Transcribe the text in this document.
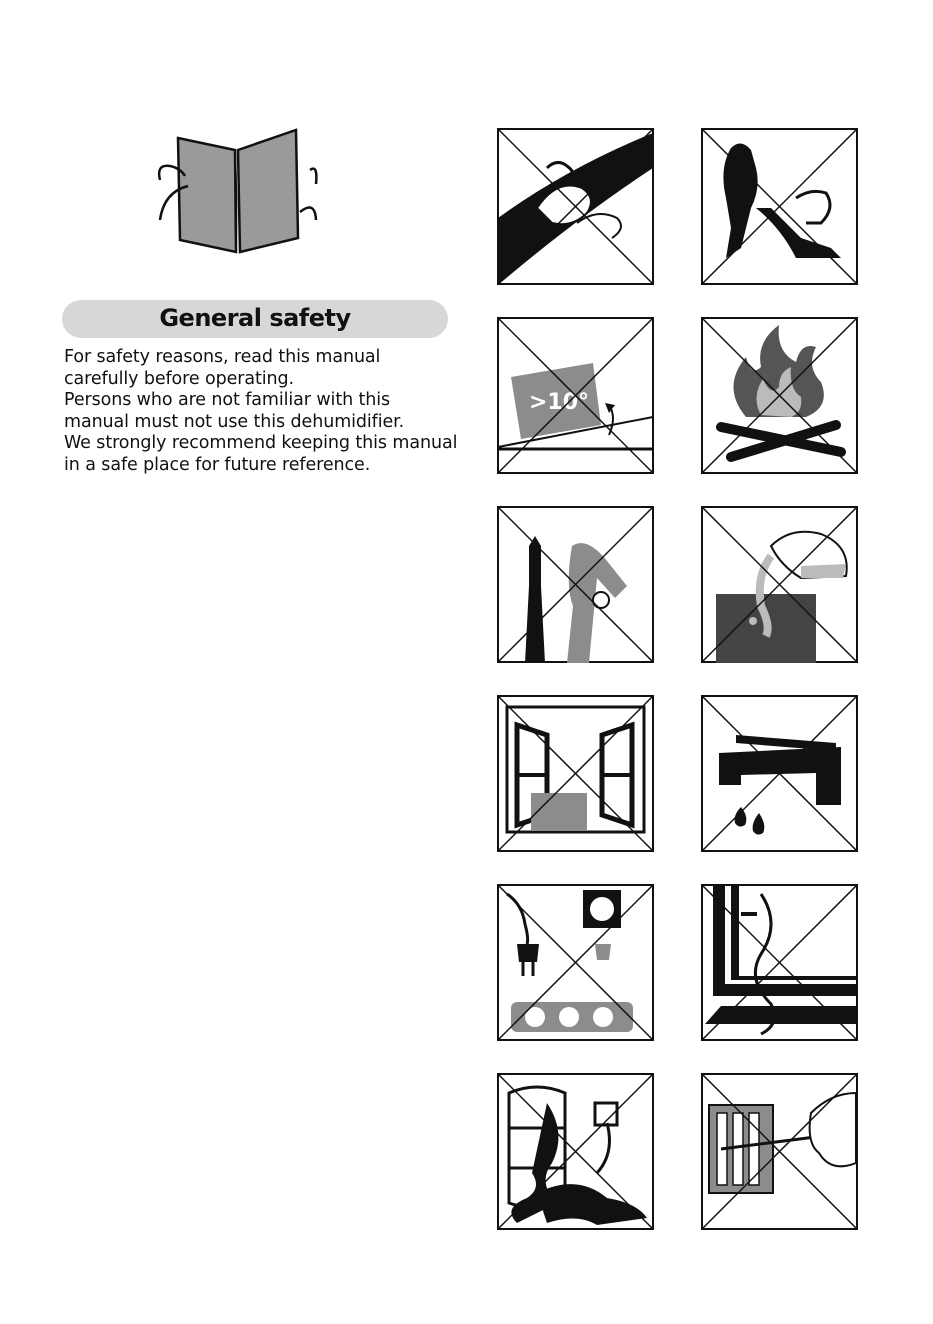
General safety
For safety reasons, read this manual
carefully before operating.
Persons who are not familiar with this
manual must not use this dehumidifier.
We strongly recommend keeping this manual
in a safe place for future reference.
>10°
